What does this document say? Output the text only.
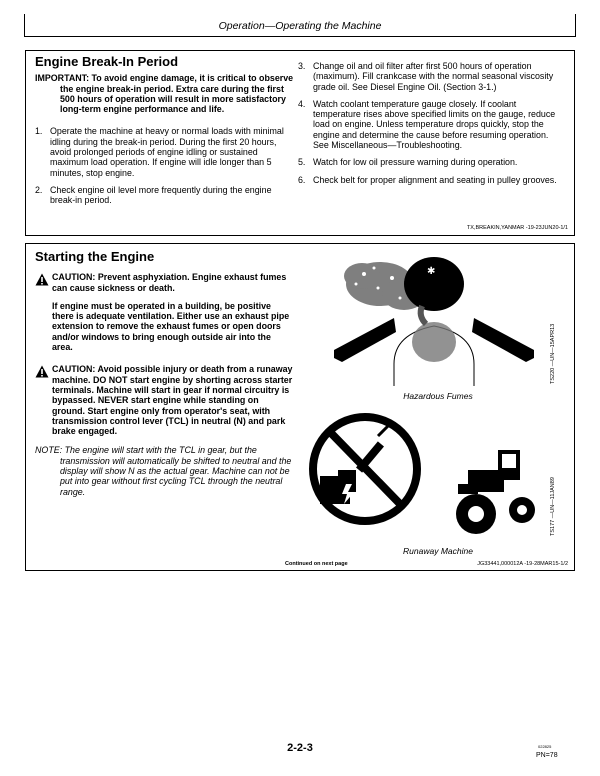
Operation—Operating the Machine
Engine Break-In Period
IMPORTANT: To avoid engine damage, it is critical to observe the engine break-in period. Extra care during the first 500 hours of operation will result in more satisfactory long-term engine performance and life.
1. Operate the machine at heavy or normal loads with minimal idling during the break-in period. During the first 20 hours, avoid prolonged periods of engine idling or sustained maximum load operation. If engine will idle longer than 5 minutes, stop engine.
2. Check engine oil level more frequently during the engine break-in period.
3. Change oil and oil filter after first 500 hours of operation (maximum). Fill crankcase with the normal seasonal viscosity grade oil. See Diesel Engine Oil. (Section 3-1.)
4. Watch coolant temperature gauge closely. If coolant temperature rises above specified limits on the gauge, reduce load on engine. Unless temperature drops quickly, stop the engine and determine the cause before resuming operation. See Miscellaneous—Troubleshooting.
5. Watch for low oil pressure warning during operation.
6. Check belt for proper alignment and seating in pulley grooves.
TX,BREAKIN,YANMAR -19-23JUN20-1/1
Starting the Engine
CAUTION: Prevent asphyxiation. Engine exhaust fumes can cause sickness or death.
If engine must be operated in a building, be positive there is adequate ventilation. Either use an exhaust pipe extension to remove the exhaust fumes or open doors and/or windows to bring enough outside air into the area.
CAUTION: Avoid possible injury or death from a runaway machine. DO NOT start engine by shorting across starter terminals. Machine will start in gear if normal circuitry is bypassed. NEVER start engine while standing on ground. Start engine only from operator's seat, with transmission control lever (TCL) in neutral (N) and park brake engaged.
NOTE: The engine will start with the TCL in gear, but the transmission will automatically be shifted to neutral and the display will show N as the actual gear. Machine can not be put into gear without first cycling TCL through the neutral range.
✱
Hazardous Fumes
TS220 —UN—15APR13
Runaway Machine
TS177 —UN—11JAN89
Continued on next page	JG33441,000012A -19-28MAR15-1/2
2-2-3	022825
PN=78
